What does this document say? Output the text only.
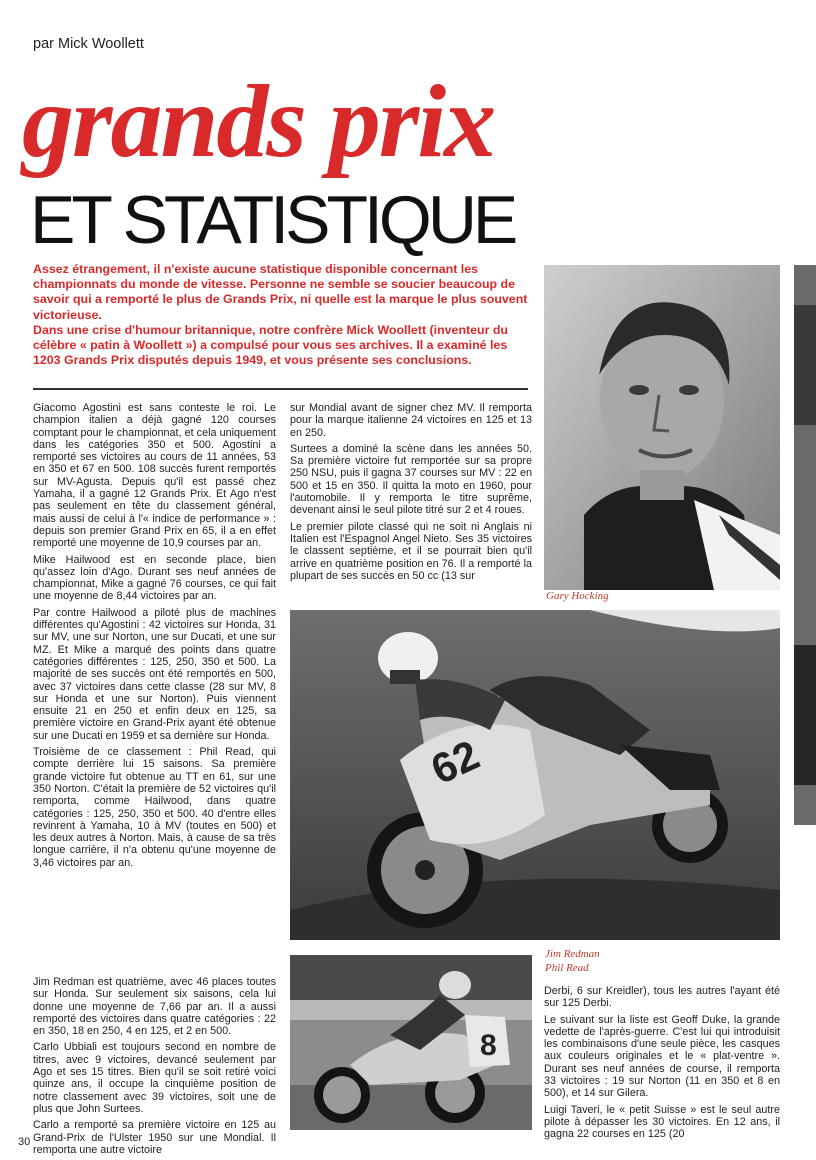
par Mick Woollett
grands prix
ET STATISTIQUE

Assez étrangement, il n'existe aucune statistique disponible concernant les championnats du monde de vitesse. Personne ne semble se soucier beaucoup de savoir qui a remporté le plus de Grands Prix, ni quelle est la marque le plus souvent victorieuse.

Dans une crise d'humour britannique, notre confrère Mick Woollett (inventeur du célèbre « patin à Woollett ») a compulsé pour vous ses archives. Il a examiné les 1203 Grands Prix disputés depuis 1949, et vous présente ses conclusions.

Giacomo Agostini est sans conteste le roi. Le champion italien a déjà gagné 120 courses comptant pour le championnat, et cela uniquement dans les catégories 350 et 500. Agostini a remporté ses victoires au cours de 11 années, 53 en 350 et 67 en 500. 108 succès furent remportés sur MV-Agusta. Depuis qu'il est passé chez Yamaha, il a gagné 12 Grands Prix. Et Ago n'est pas seulement en tête du classement général, mais aussi de celui à l'« indice de performance » : depuis son premier Grand Prix en 65, il a en effet remporté une moyenne de 10,9 courses par an.

Mike Hailwood est en seconde place, bien qu'assez loin d'Ago. Durant ses neuf années de championnat, Mike a gagné 76 courses, ce qui fait une moyenne de 8,44 victoires par an.

Par contre Hailwood a piloté plus de machines différentes qu'Agostini : 42 victoires sur Honda, 31 sur MV, une sur Norton, une sur Ducati, et une sur MZ. Et Mike a marqué des points dans quatre catégories différentes : 125, 250, 350 et 500. La majorité de ses succès ont été remportés en 500, avec 37 victoires dans cette classe (28 sur MV, 8 sur Honda et une sur Norton). Puis viennent ensuite 21 en 250 et enfin deux en 125, sa première victoire en Grand-Prix ayant été obtenue sur une Ducati en 1959 et sa dernière sur Honda.

Troisième de ce classement : Phil Read, qui compte derrière lui 15 saisons. Sa première grande victoire fut obtenue au TT en 61, sur une 350 Norton. C'était la première de 52 victoires qu'il remporta, comme Hailwood, dans quatre catégories : 125, 250, 350 et 500. 40 d'entre elles revinrent à Yamaha, 10 à MV (toutes en 500) et les deux autres à Norton. Mais, à cause de sa très longue carrière, il n'a obtenu qu'une moyenne de 3,46 victoires par an.

Jim Redman est quatrième, avec 46 places toutes sur Honda. Sur seulement six saisons, cela lui donne une moyenne de 7,66 par an. Il a aussi remporté des victoires dans quatre catégories : 22 en 350, 18 en 250, 4 en 125, et 2 en 500.

Carlo Ubbiali est toujours second en nombre de titres, avec 9 victoires, devancé seulement par Ago et ses 15 titres. Bien qu'il se soit retiré voici quinze ans, il occupe la cinquième position de notre classement avec 39 victoires, soit une de plus que John Surtees.

Carlo a remporté sa première victoire en 125 au Grand-Prix de l'Ulster 1950 sur une Mondial. Il remporta une autre victoire

sur Mondial avant de signer chez MV. Il remporta pour la marque italienne 24 victoires en 125 et 13 en 250.

Surtees a dominé la scène dans les années 50. Sa première victoire fut remportée sur sa propre 250 NSU, puis il gagna 37 courses sur MV : 22 en 500 et 15 en 350. Il quitta la moto en 1960, pour l'automobile. Il y remporta le titre suprême, devenant ainsi le seul pilote titré sur 2 et 4 roues.

Le premier pilote classé qui ne soit ni Anglais ni Italien est l'Espagnol Angel Nieto. Ses 35 victoires le classent septième, et il se pourrait bien qu'il arrive en quatrième position en 76. Il a remporté la plupart de ses succès en 50 cc (13 sur

Derbi, 6 sur Kreidler), tous les autres l'ayant été sur 125 Derbi.

Le suivant sur la liste est Geoff Duke, la grande vedette de l'après-guerre. C'est lui qui introduisit les combinaisons d'une seule pièce, les casques aux couleurs originales et le « plat-ventre ». Durant ses neuf années de course, il remporta 33 victoires : 19 sur Norton (11 en 350 et 8 en 500), et 14 sur Gilera.

Luigi Taveri, le « petit Suisse » est le seul autre pilote à dépasser les 30 victoires. En 12 ans, il gagna 22 courses en 125 (20

Gary Hocking
62
Jim Redman
Phil Read
8
30
